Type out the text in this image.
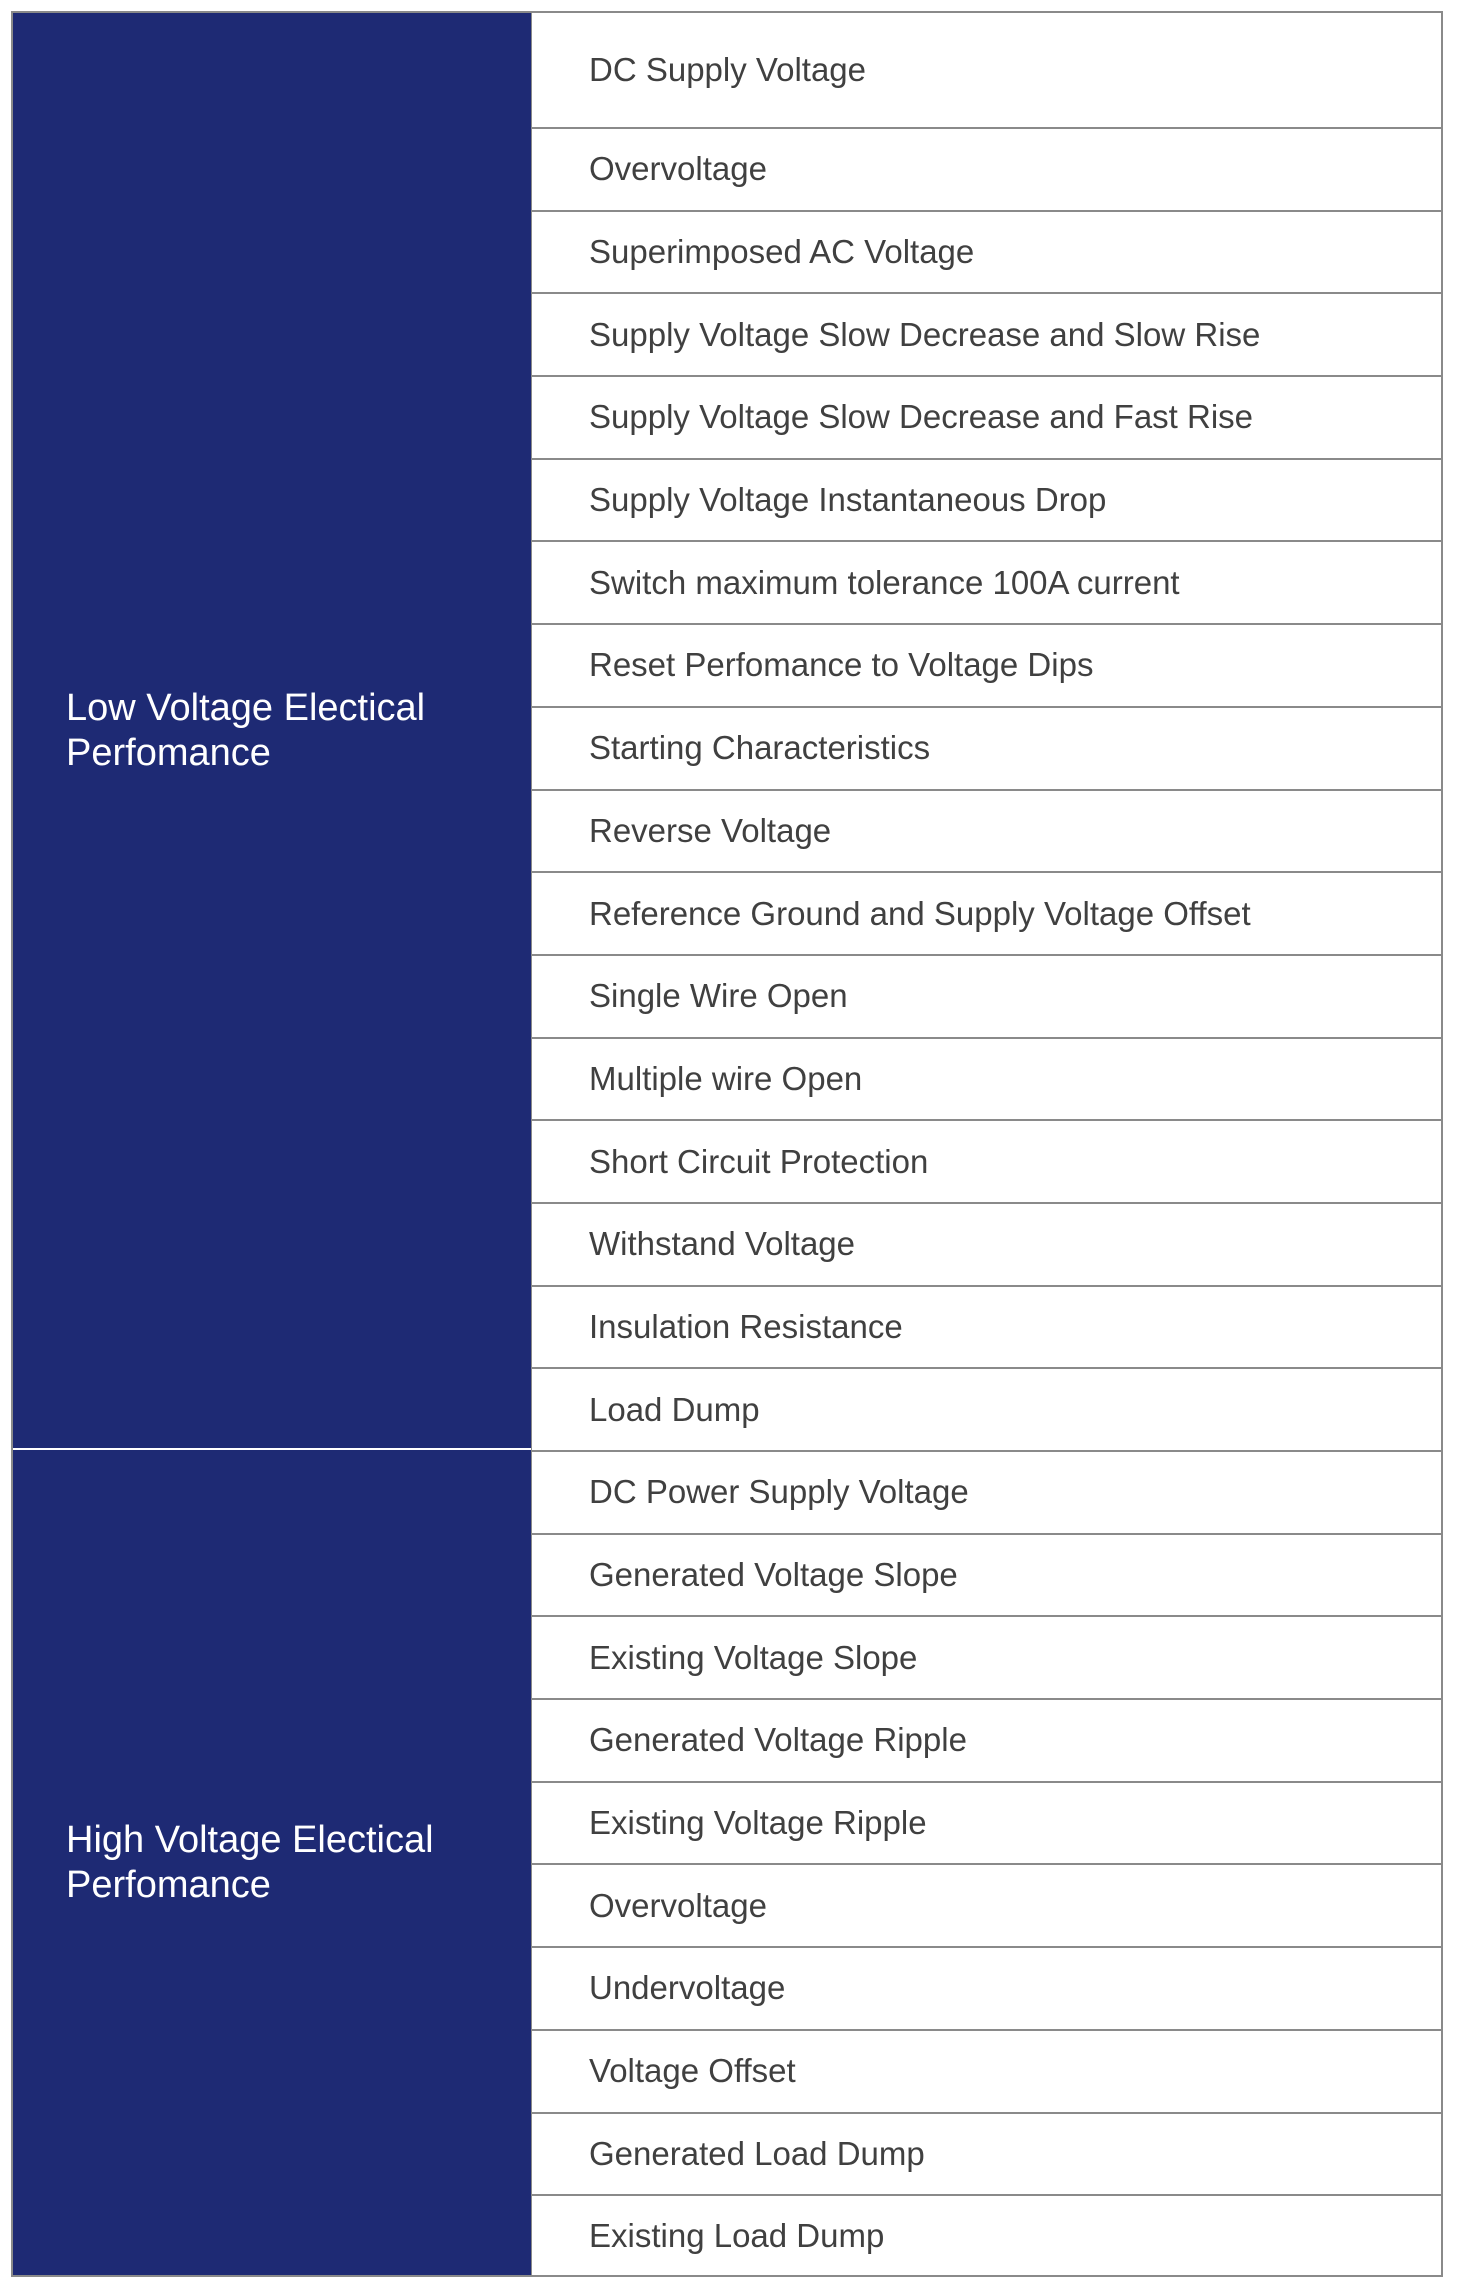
Low Voltage Electical
Perfomance
High Voltage Electical
Perfomance
DC Supply Voltage
Overvoltage
Superimposed AC Voltage
Supply Voltage Slow Decrease and Slow Rise
Supply Voltage Slow Decrease and Fast Rise
Supply Voltage Instantaneous Drop
Switch maximum tolerance 100A current
Reset Perfomance to Voltage Dips
Starting Characteristics
Reverse Voltage
Reference Ground and Supply Voltage Offset
Single Wire Open
Multiple wire Open
Short Circuit Protection
Withstand Voltage
Insulation Resistance
Load Dump
DC Power Supply Voltage
Generated Voltage Slope
Existing Voltage Slope
Generated Voltage Ripple
Existing Voltage Ripple
Overvoltage
Undervoltage
Voltage Offset
Generated Load Dump
Existing Load Dump
